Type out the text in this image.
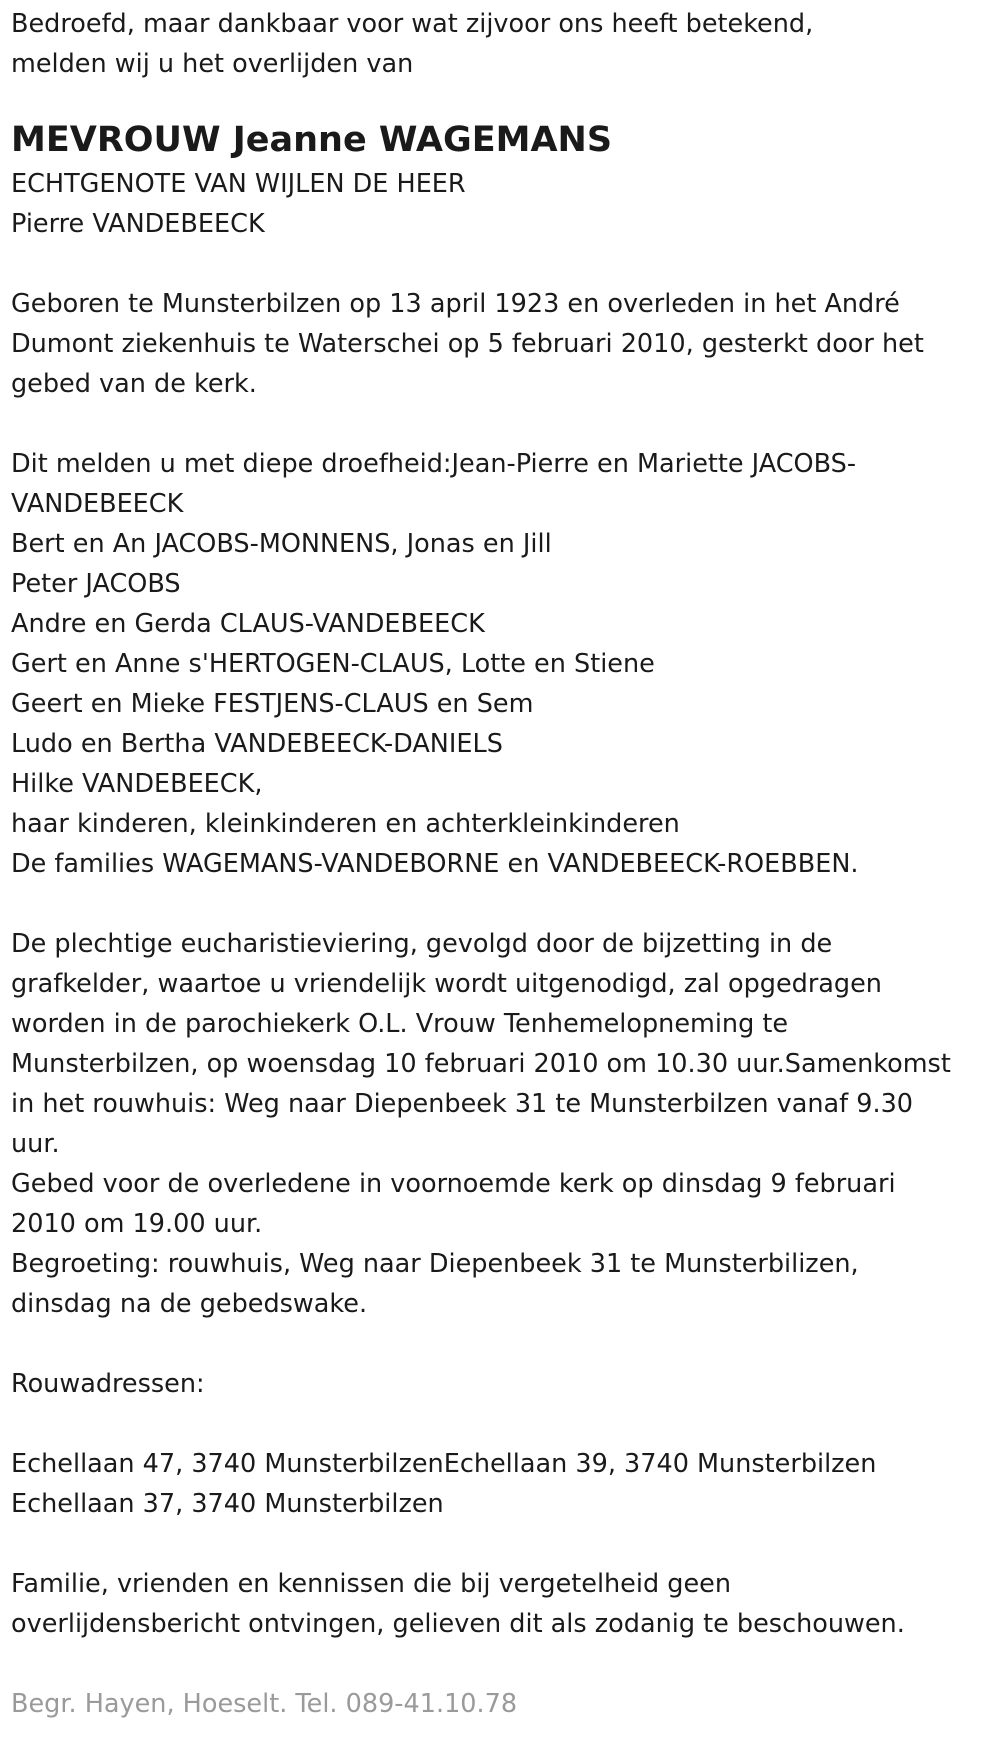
Bedroefd, maar dankbaar voor wat zijvoor ons heeft betekend,
melden wij u het overlijden van
MEVROUW Jeanne WAGEMANS
ECHTGENOTE VAN WIJLEN DE HEER
Pierre VANDEBEECK
Geboren te Munsterbilzen op 13 april 1923 en overleden in het André
Dumont ziekenhuis te Waterschei op 5 februari 2010, gesterkt door het
gebed van de kerk.
Dit melden u met diepe droefheid:Jean-Pierre en Mariette JACOBS-
VANDEBEECK
Bert en An JACOBS-MONNENS, Jonas en Jill
Peter JACOBS
Andre en Gerda CLAUS-VANDEBEECK
Gert en Anne s'HERTOGEN-CLAUS, Lotte en Stiene
Geert en Mieke FESTJENS-CLAUS en Sem
Ludo en Bertha VANDEBEECK-DANIELS
Hilke VANDEBEECK,
haar kinderen, kleinkinderen en achterkleinkinderen
De families WAGEMANS-VANDEBORNE en VANDEBEECK-ROEBBEN.
De plechtige eucharistieviering, gevolgd door de bijzetting in de
grafkelder, waartoe u vriendelijk wordt uitgenodigd, zal opgedragen
worden in de parochiekerk O.L. Vrouw Tenhemelopneming te
Munsterbilzen, op woensdag 10 februari 2010 om 10.30 uur.Samenkomst
in het rouwhuis: Weg naar Diepenbeek 31 te Munsterbilzen vanaf 9.30
uur.
Gebed voor de overledene in voornoemde kerk op dinsdag 9 februari
2010 om 19.00 uur.
Begroeting: rouwhuis, Weg naar Diepenbeek 31 te Munsterbilizen,
dinsdag na de gebedswake.
Rouwadressen:
Echellaan 47, 3740 MunsterbilzenEchellaan 39, 3740 Munsterbilzen
Echellaan 37, 3740 Munsterbilzen
Familie, vrienden en kennissen die bij vergetelheid geen
overlijdensbericht ontvingen, gelieven dit als zodanig te beschouwen.
Begr. Hayen, Hoeselt. Tel. 089-41.10.78
